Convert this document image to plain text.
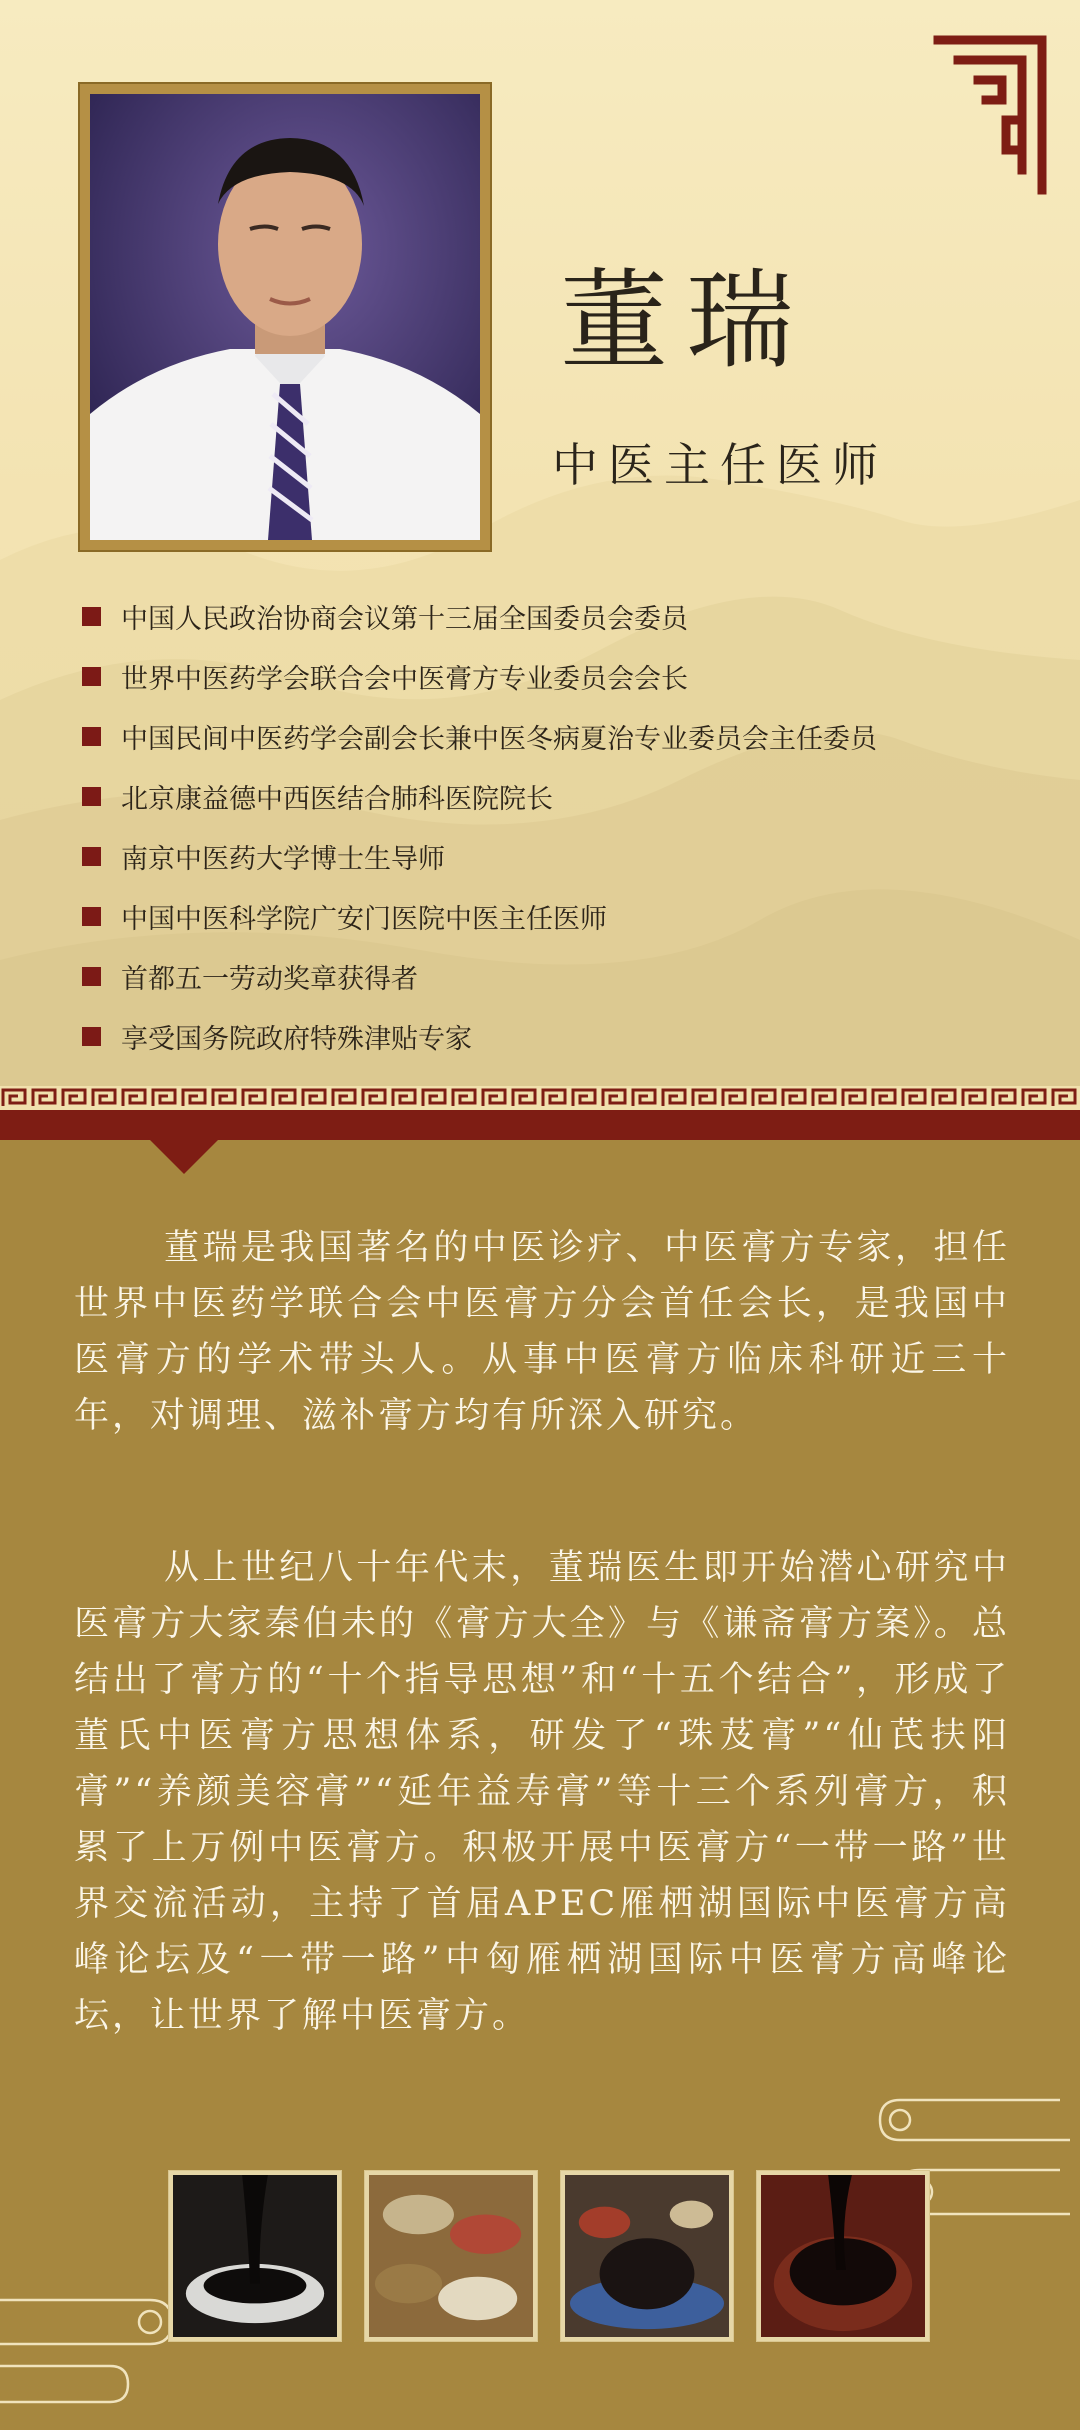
董瑞
中医主任医师
中国人民政治协商会议第十三届全国委员会委员
世界中医药学会联合会中医膏方专业委员会会长
中国民间中医药学会副会长兼中医冬病夏治专业委员会主任委员
北京康益德中西医结合肺科医院院长
南京中医药大学博士生导师
中国中医科学院广安门医院中医主任医师
首都五一劳动奖章获得者
享受国务院政府特殊津贴专家

董瑞是我国著名的中医诊疗、中医膏方专家，担任世界中医药学联合会中医膏方分会首任会长，是我国中医膏方的学术带头人。从事中医膏方临床科研近三十年，对调理、滋补膏方均有所深入研究。

从上世纪八十年代末，董瑞医生即开始潜心研究中医膏方大家秦伯未的《膏方大全》与《谦斋膏方案》。总结出了膏方的“十个指导思想”和“十五个结合”，形成了董氏中医膏方思想体系，研发了“珠芨膏”“仙芪扶阳膏”“养颜美容膏”“延年益寿膏”等十三个系列膏方，积累了上万例中医膏方。积极开展中医膏方“一带一路”世界交流活动，主持了首届APEC雁栖湖国际中医膏方高峰论坛及“一带一路”中匈雁栖湖国际中医膏方高峰论坛，让世界了解中医膏方。
